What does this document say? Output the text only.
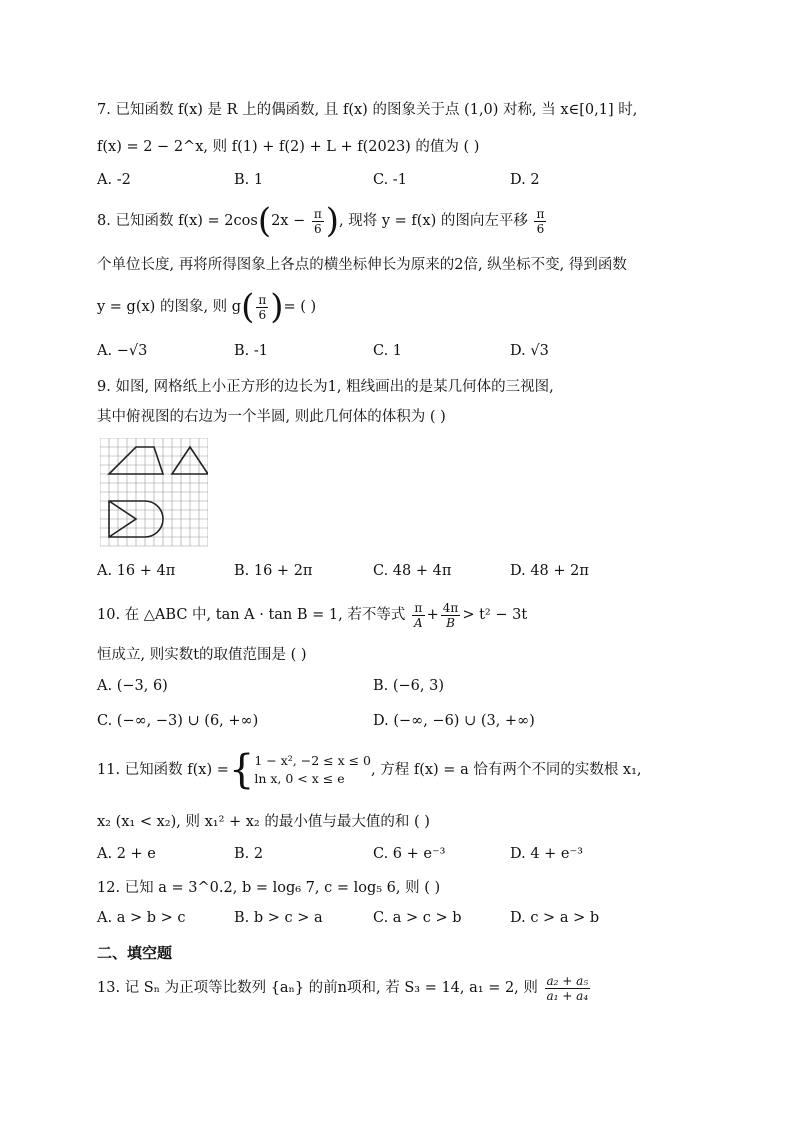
7. 已知函数 f(x) 是 R 上的偶函数, 且 f(x) 的图象关于点 (1,0) 对称, 当 x∈[0,1] 时,
f(x) = 2 − 2^x, 则 f(1) + f(2) + L + f(2023) 的值为 ( )
A. -2	B. 1	C. -1	D. 2
8. 已知函数 $f(x) = 2\cos(2x - \frac{\pi}{6}$ ), 现将 y = f(x) 的图向左平移 $\frac{\pi}{6}$
个单位长度, 再将所得图象上各点的横坐标伸长为原来的2倍, 纵坐标不变, 得到函数
y = g(x) 的图象, 则 $g( \frac{\pi}{6}$ )= ( )
A. −√3	B. -1	C. 1	D. √3
9. 如图, 网格纸上小正方形的边长为1, 粗线画出的是某几何体的三视图,
其中俯视图的右边为一个半圆, 则此几何体的体积为 ( )
A. 16 + 4π	B. 16 + 2π	C. 48 + 4π	D. 48 + 2π
10. 在 △ABC 中, tan A · tan B = 1, 若不等式 $\frac{\pi}{A} + \frac{4\pi}{B} > t^2 - 3t$
恒成立, 则实数t的取值范围是 ( )
A. (−3, 6)	B. (−6, 3)
C. (−∞, −3) ∪ (6, +∞)	D. (−∞, −6) ∪ (3, +∞)
11. 已知函数 f(x) ={ 1 − x², −2 ≤ x ≤ 0
ln x, 0 < x ≤ e
, 方程 f(x) = a 恰有两个不同的实数根 x₁,
x₂ (x₁ < x₂), 则 x₁² + x₂ 的最小值与最大值的和 ( )
A. 2 + e	B. 2	C. 6 + e⁻³	D. 4 + e⁻³
12. 已知 a = 3^0.2, b = log₆ 7, c = log₅ 6, 则 ( )
A. a > b > c	B. b > c > a	C. a > c > b	D. c > a > b
二、填空题
13. 记 Sₙ 为正项等比数列 {aₙ} 的前n项和, 若 S₃ = 14, a₁ = 2, 则 $\frac{\text{a₂ + a₅}}{\text{a₁ + a₄}}$
